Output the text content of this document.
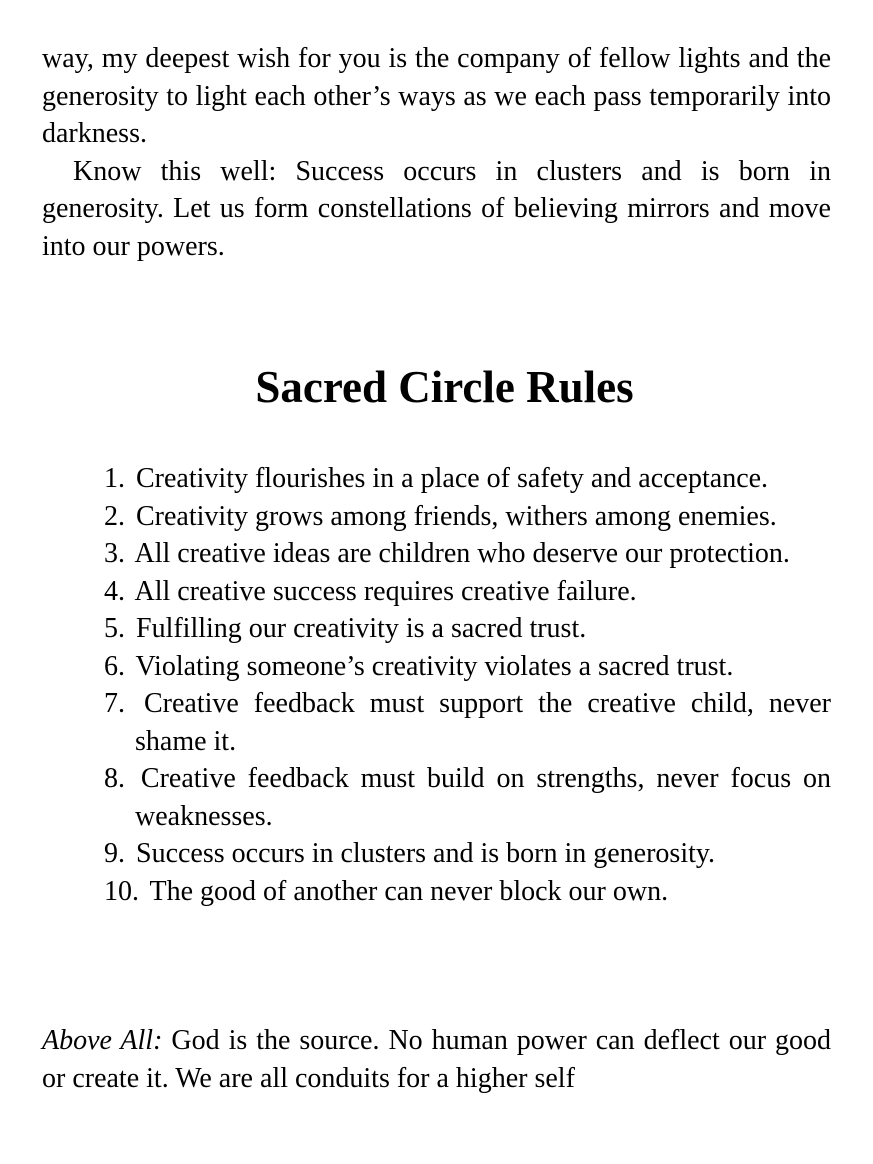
way, my deepest wish for you is the company of fellow lights and the generosity to light each other’s ways as we each pass temporarily into darkness.

Know this well: Success occurs in clusters and is born in generosity. Let us form constellations of believing mirrors and move into our powers.

Sacred Circle Rules
1. Creativity flourishes in a place of safety and acceptance.
2. Creativity grows among friends, withers among enemies.
3. All creative ideas are children who deserve our protection.
4. All creative success requires creative failure.
5. Fulfilling our creativity is a sacred trust.
6. Violating someone’s creativity violates a sacred trust.
7. Creative feedback must support the creative child, never shame it.
8. Creative feedback must build on strengths, never focus on weaknesses.
9. Success occurs in clusters and is born in generosity.
10. The good of another can never block our own.

Above All: God is the source. No human power can deflect our good or create it. We are all conduits for a higher self
